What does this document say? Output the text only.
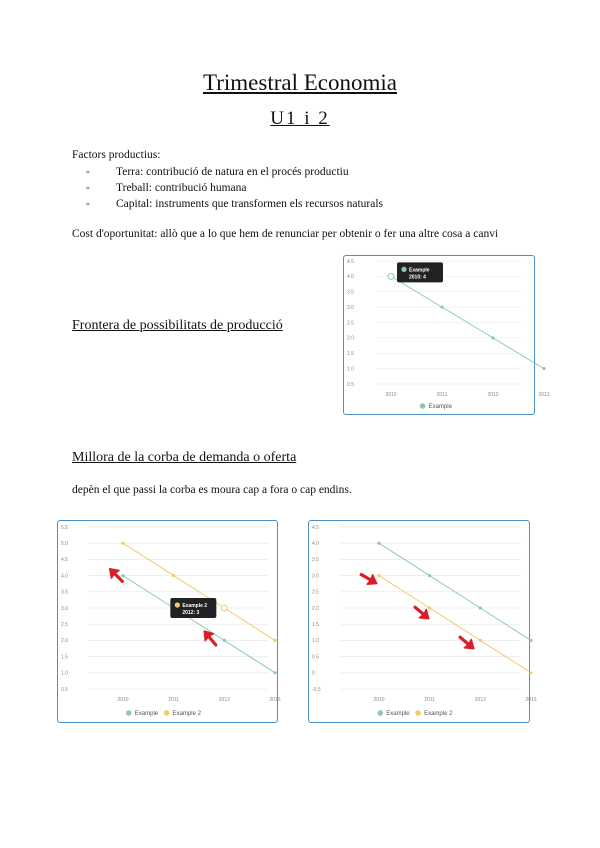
Trimestral Economia
U1 i 2
Factors productius:
- Terra: contribució de natura en el procés productiu
- Treball: contribució humana
- Capital: instruments que transformen els recursos naturals
Cost d'oportunitat: allò que a lo que hem de renunciar per obtenir o fer una altre cosa a canvi
Frontera de possibilitats de producció
4.5
4.0
3.5
3.0
2.5
2.0
1.5
1.0
0.5
2010	2011	2012	2013
Example
2010: 4
Example
Millora de la corba de demanda o oferta
depèn el que passi la corba es moura cap a fora o cap endins.
5.5
5.0
4.5
4.0
3.5
3.0
2.5
2.0
1.5
1.0
0.5
2010	2011	2012	2013
Example 2
2012: 3
Example Example 2
4.5
4.0
3.5
3.0
2.5
2.0
1.5
1.0
0.5
0
-0.5
2010	2011	2012	2013
Example Example 2
